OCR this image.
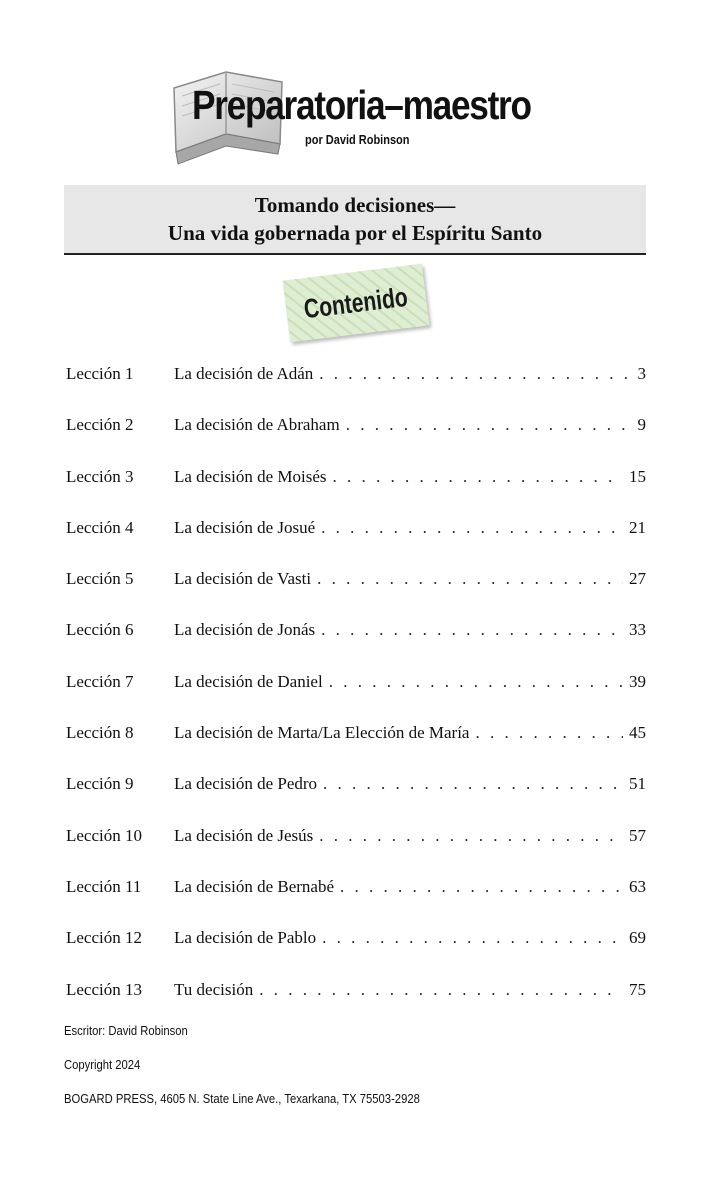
Preparatoria–maestro
por David Robinson
Tomando decisiones—
Una vida gobernada por el Espíritu Santo
Contenido
Lección 1	La decisión de Adán . . .	3
Lección 2	La decisión de Abraham . . .	9
Lección 3	La decisión de Moisés . . .	15
Lección 4	La decisión de Josué . . .	21
Lección 5	La decisión de Vasti . . .	27
Lección 6	La decisión de Jonás . . .	33
Lección 7	La decisión de Daniel . . .	39
Lección 8	La decisión de Marta/La Elección de María . . .	45
Lección 9	La decisión de Pedro . . .	51
Lección 10	La decisión de Jesús . . .	57
Lección 11	La decisión de Bernabé . . .	63
Lección 12	La decisión de Pablo . . .	69
Lección 13	Tu decisión . . .	75
Escritor: David Robinson
Copyright 2024
BOGARD PRESS, 4605 N. State Line Ave., Texarkana, TX 75503-2928
